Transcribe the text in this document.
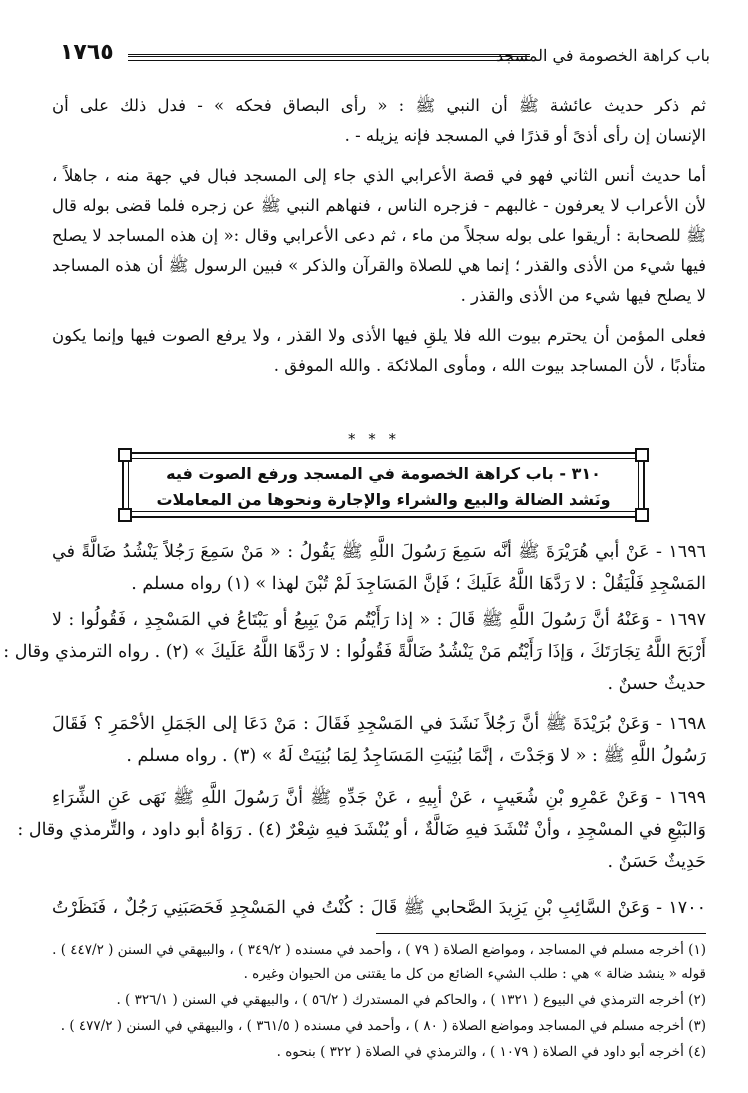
باب كراهة الخصومة في المسجد
١٧٦٥
ثم ذكر حديث عائشة ﷺ أن النبي ﷺ : « رأى البصاق فحكه » - فدل ذلك على أن
الإنسان إن رأى أذىً أو قذرًا في المسجد فإنه يزيله - .
أما حديث أنس الثاني فهو في قصة الأعرابي الذي جاء إلى المسجد فبال في جهة منه ، جاهلاً ،
لأن الأعراب لا يعرفون - غالبهم - فزجره الناس ، فنهاهم النبي ﷺ عن زجره فلما قضى بوله قال
ﷺ للصحابة : أريقوا على بوله سجلاً من ماء ، ثم دعى الأعرابي وقال :« إن هذه المساجد لا يصلح
فيها شيء من الأذى والقذر ؛ إنما هي للصلاة والقرآن والذكر » فبين الرسول ﷺ أن هذه المساجد
لا يصلح فيها شيء من الأذى والقذر .
فعلى المؤمن أن يحترم بيوت الله فلا يلقِ فيها الأذى ولا القذر ، ولا يرفع الصوت فيها وإنما يكون
متأدبًا ، لأن المساجد بيوت الله ، ومأوى الملائكة . والله الموفق .
* * *
٣١٠ - باب كراهة الخصومة في المسجد ورفع الصوت فيه
ونَشد الضالة والبيع والشراء والإجارة ونحوها من المعاملات
١٦٩٦ - عَنْ أبي هُرَيْرَةَ ﷺ أنَّه سَمِعَ رَسُولَ اللَّهِ ﷺ يَقُولُ : « مَنْ سَمِعَ رَجُلاً يَنْشُدُ ضَالَّةً في
المَسْجِدِ فَلْيَقُلْ : لا رَدَّهَا اللَّهُ عَلَيكَ ؛ فَإنَّ المَسَاجِدَ لَمْ تُبْنَ لهذا » (١) رواه مسلم .
١٦٩٧ - وَعَنْهُ أنَّ رَسُولَ اللَّهِ ﷺ قَالَ : « إذا رَأَيْتُم مَنْ يَبِيعُ أو يَبْتَاعُ في المَسْجِدِ ، فَقُولُوا : لا
أَرْبَحَ اللَّهُ تِجَارَتَكَ ، وَإذَا رَأَيْتُم مَنْ يَنْشُدُ ضَالَّةً فَقُولُوا : لا رَدَّهَا اللَّهُ عَلَيكَ » (٢) . رواه الترمذي وقال :
حديثٌ حسنٌ .
١٦٩٨ - وَعَنْ بُرَيْدَةَ ﷺ أنَّ رَجُلاً نَشَدَ في المَسْجِدِ فَقَالَ : مَنْ دَعَا إلى الجَمَلِ الأحْمَرِ ؟ فَقَالَ
رَسُولُ اللَّهِ ﷺ : « لا وَجَدْتَ ، إنَّمَا بُنِيَتِ المَسَاجِدُ لِمَا بُنِيَتْ لَهُ » (٣) . رواه مسلم .
١٦٩٩ - وَعَنْ عَمْرِو بْنِ شُعَيبٍ ، عَنْ أبِيهِ ، عَنْ جَدِّهِ ﷺ أنَّ رَسُولَ اللَّهِ ﷺ نَهَى عَنِ الشِّرَاءِ
وَالبَيْعِ في المسْجِدِ ، وأنْ تُنْشَدَ فيهِ ضَالَّةٌ ، أو يُنْشَدَ فيهِ شِعْرٌ (٤) . رَوَاهُ أبو داود ، والتِّرمذي وقال :
حَدِيثٌ حَسَنٌ .
١٧٠٠ - وَعَنْ السَّائِبِ بْنِ يَزِيدَ الصَّحابي ﷺ قَالَ : كُنْتُ في المَسْجِدِ فَحَصَبَنِي رَجُلٌ ، فَنَظَرْتُ
(١) أخرجه مسلم في المساجد ، ومواضع الصلاة ( ٧٩ ) ، وأحمد في مسنده ( ٣٤٩/٢ ) ، والبيهقي في السنن ( ٤٤٧/٢ ) .
قوله « ينشد ضالة » هي : طلب الشيء الضائع من كل ما يقتنى من الحيوان وغيره .
(٢) أخرجه الترمذي في البيوع ( ١٣٢١ ) ، والحاكم في المستدرك ( ٥٦/٢ ) ، والبيهقي في السنن ( ٣٢٦/١ ) .
(٣) أخرجه مسلم في المساجد ومواضع الصلاة ( ٨٠ ) ، وأحمد في مسنده ( ٣٦١/٥ ) ، والبيهقي في السنن ( ٤٧٧/٢ ) .
(٤) أخرجه أبو داود في الصلاة ( ١٠٧٩ ) ، والترمذي في الصلاة ( ٣٢٢ ) بنحوه .
